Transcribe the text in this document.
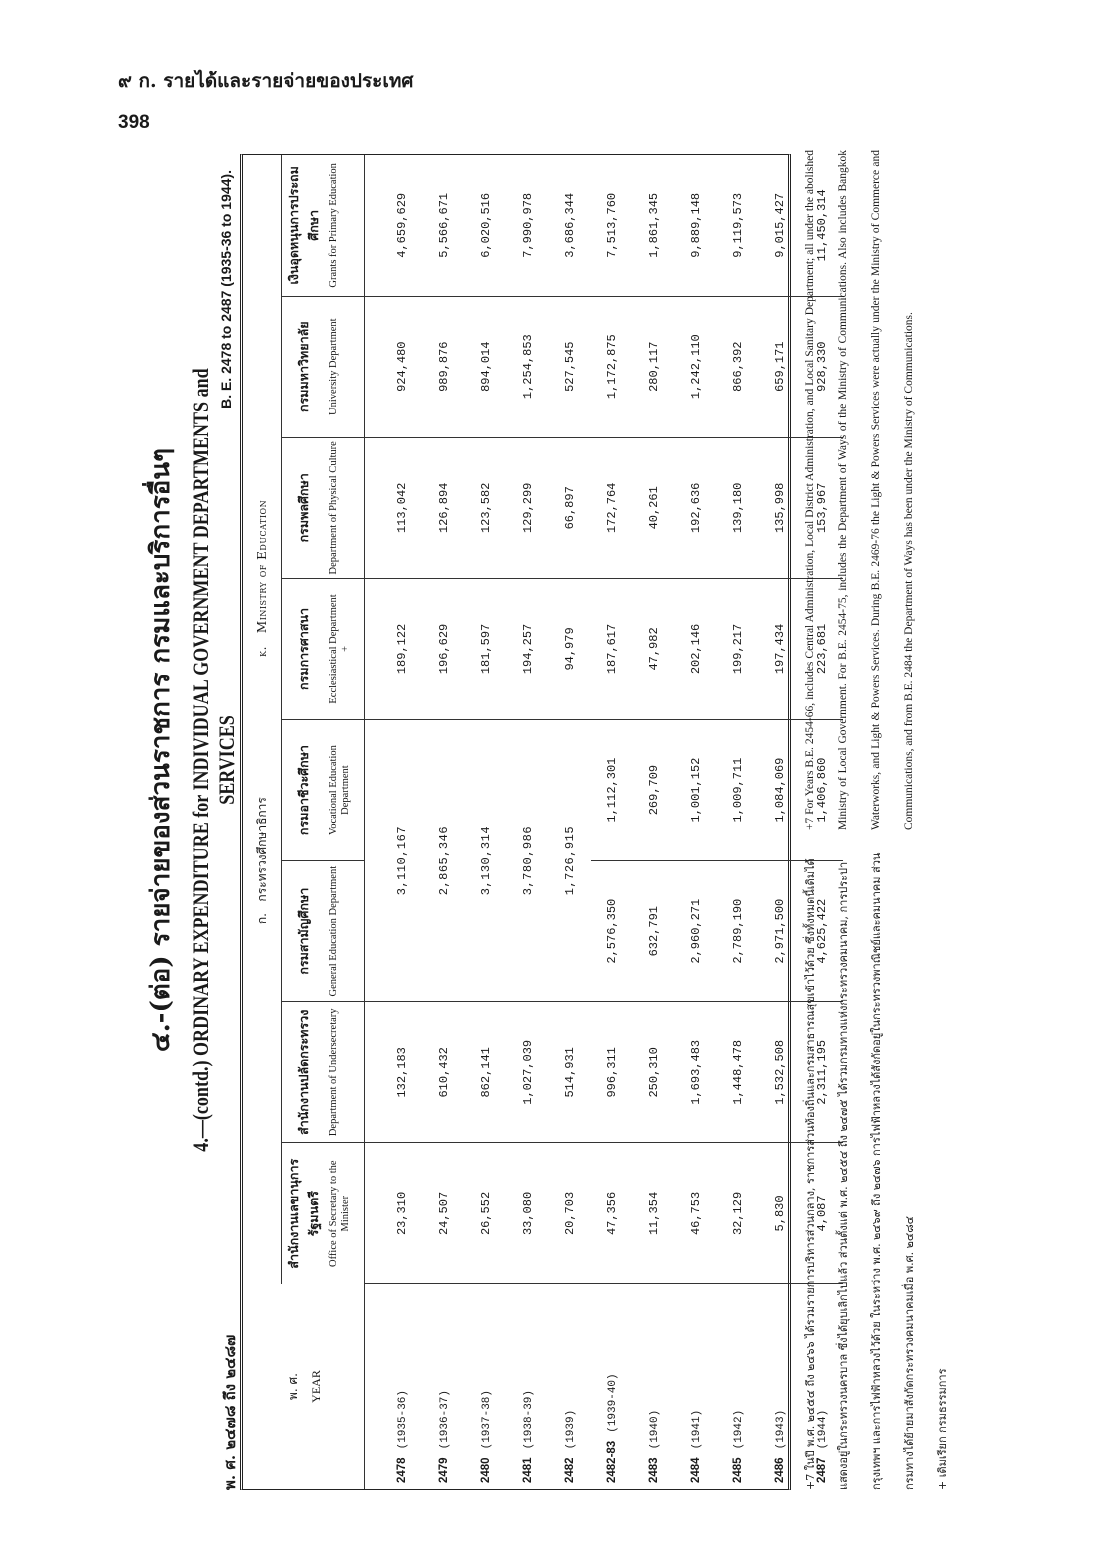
๙ ก. รายได้และรายจ่ายของประเทศ
398
๔.-(ต่อ) รายจ่ายของส่วนราชการ กรมและบริการอื่นๆ 4.—(contd.) ORDINARY EXPENDITURE for INDIVIDUAL GOVERNMENT DEPARTMENTS and SERVICES
พ. ศ. ๒๔๗๘ ถึง ๒๔๘๗
B. E. 2478 to 2487 (1935-36 to 1944).
พ. ศ. YEAR			ก.   กระทรวงศึกษาธิการ		k.   Ministry of Education			
	สำนักงานเลขานุการรัฐมนตรี	สำนักงานปลัดกระทรวง	กรมสามัญศึกษา	กรมอาชีวะศึกษา	กรมการศาสนา	กรมพลศึกษา	กรมมหาวิทยาลัย	เงินอุดหนุนการประถมศึกษา
	Office of Secretary to the Minister	Department of Undersecretary	General Education Department	Vocational Education Department	Ecclesiastical Department
+	Department of Physical Culture	University Department	Grants for Primary Education
2478(1935-36)	23,310	132,183	3,110,167		189,122	113,042	924,480	4,659,629
2479(1936-37)	24,507	610,432	2,865,346		196,629	126,894	989,876	5,566,671
2480(1937-38)	26,552	862,141	3,130,314		181,597	123,582	894,014	6,020,516
2481(1938-39)	33,080	1,027,039	3,780,986		194,257	129,299	1,254,853	7,990,978
2482(1939)	20,703	514,931	1,726,915		94,979	66,897	527,545	3,686,344
2482-83(1939-40)	47,356	996,311	2,576,350	1,112,301	187,617	172,764	1,172,875	7,513,760
2483(1940)	11,354	250,310	632,791	269,709	47,982	40,261	280,117	1,861,345
2484(1941)	46,753	1,693,483	2,960,271	1,001,152	202,146	192,636	1,242,110	9,889,148
2485(1942)	32,129	1,448,478	2,789,190	1,009,711	199,217	139,180	866,392	9,119,573
2486(1943)	5,830	1,532,508	2,971,500	1,084,069	197,434	135,998	659,171	9,015,427
2487(1944)	4,087	2,311,195	4,625,422	1,406,860	223,681	153,967	928,330	11,450,314

+7 ในปี พ.ศ. ๒๔๕๔ ถึง ๒๔๖๖ ได้รวมรายการบริหารส่วนกลาง, ราชการส่วนท้องถิ่นและกรมสาธารณสุขเข้าไว้ด้วย ซึ่งทั้งหมดนี้เดิมได้แสดงอยู่ในกระทรวงนครบาล ซึ่งได้ยุบเลิกไปแล้ว ส่วนตั้งแต่ พ.ศ. ๒๔๕๔ ถึง ๒๔๗๕ ได้รวมกรมทางแห่งกระทรวงคมนาคม, การประปากรุงเทพฯ และการไฟฟ้าหลวงไว้ด้วย ในระหว่าง พ.ศ. ๒๔๖๙ ถึง ๒๔๗๖ การไฟฟ้าหลวงได้สังกัดอยู่ในกระทรวงพาณิชย์และคมนาคม ส่วนกรมทางได้ย้ายมาสังกัดกระทรวงคมนาคมเมื่อ พ.ศ. ๒๔๘๔	+ เดิมเรียก กรมธรรมการ

+7 For Years B.E. 2454-66, includes Central Administration, Local District Administration, and Local Sanitary Department; all under the abolished Ministry of Local Government. For B.E. 2454-75, includes the Department of Ways of the Ministry of Communications. Also includes Bangkok Waterworks, and Light & Powers Services. During B.E. 2469-76 the Light & Powers Services were actually under the Ministry of Commerce and Communications, and from B.E. 2484 the Department of Ways has been under the Ministry of Communications.
